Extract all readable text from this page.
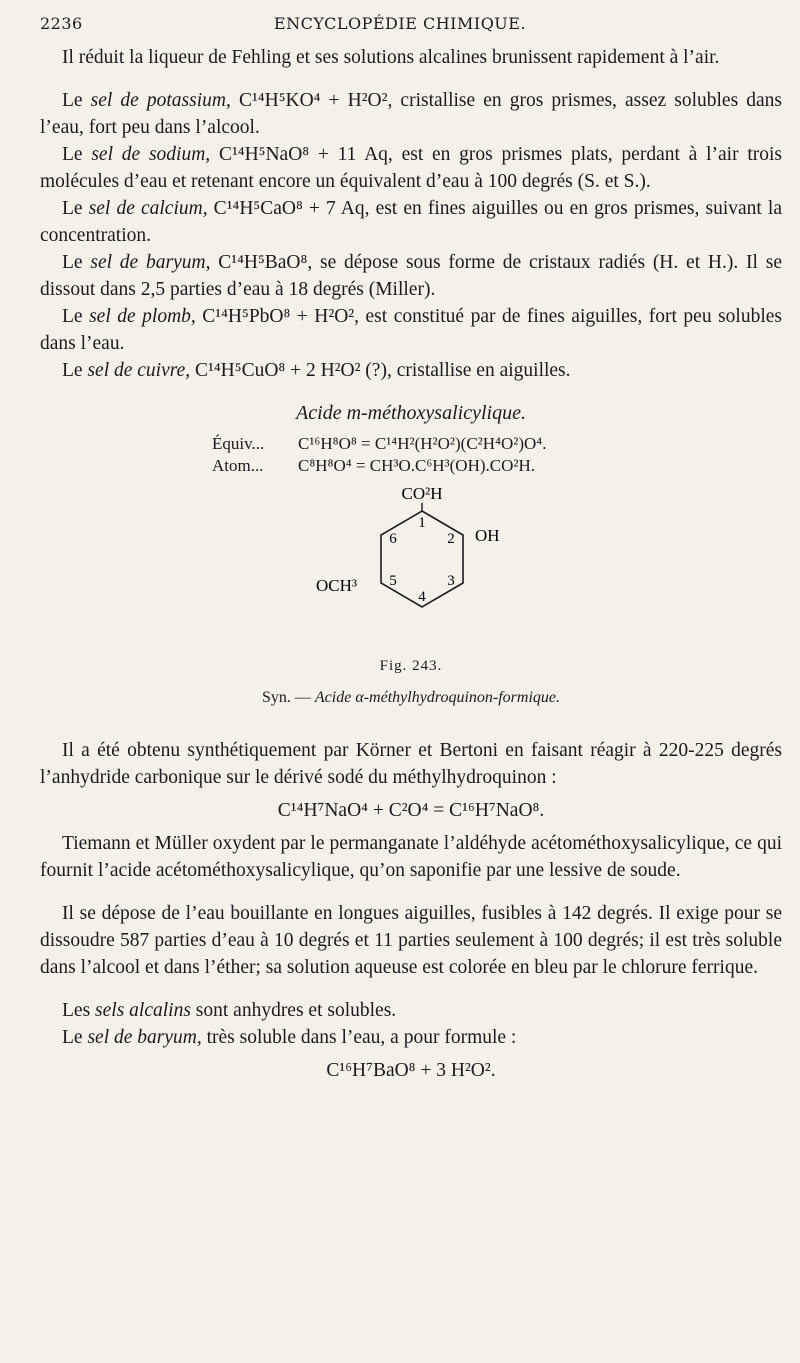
2236	ENCYCLOPÉDIE CHIMIQUE.

Il réduit la liqueur de Fehling et ses solutions alcalines brunissent rapidement à l’air.

Le sel de potassium, C¹⁴H⁵KO⁴ + H²O², cristallise en gros prismes, assez solubles dans l’eau, fort peu dans l’alcool.

Le sel de sodium, C¹⁴H⁵NaO⁸ + 11 Aq, est en gros prismes plats, perdant à l’air trois molécules d’eau et retenant encore un équivalent d’eau à 100 degrés (S. et S.).

Le sel de calcium, C¹⁴H⁵CaO⁸ + 7 Aq, est en fines aiguilles ou en gros prismes, suivant la concentration.

Le sel de baryum, C¹⁴H⁵BaO⁸, se dépose sous forme de cristaux radiés (H. et H.). Il se dissout dans 2,5 parties d’eau à 18 degrés (Miller).

Le sel de plomb, C¹⁴H⁵PbO⁸ + H²O², est constitué par de fines aiguilles, fort peu solubles dans l’eau.

Le sel de cuivre, C¹⁴H⁵CuO⁸ + 2 H²O² (?), cristallise en aiguilles.

Acide m-méthoxysalicylique.

Équiv... C¹⁶H⁸O⁸ = C¹⁴H²(H²O²)(C²H⁴O²)O⁴.
Atom... C⁸H⁸O⁴ = CH³O.C⁶H³(OH).CO²H.
CO²H
OH
OCH³
1
2
3
4
5
6
Fig. 243.
Syn. — Acide α-méthylhydroquinon-formique.

Il a été obtenu synthétiquement par Körner et Bertoni en faisant réagir à 220-225 degrés l’anhydride carbonique sur le dérivé sodé du méthylhydroquinon :

C¹⁴H⁷NaO⁴ + C²O⁴ = C¹⁶H⁷NaO⁸.

Tiemann et Müller oxydent par le permanganate l’aldéhyde acétométhoxysalicylique, ce qui fournit l’acide acétométhoxysalicylique, qu’on saponifie par une lessive de soude.

Il se dépose de l’eau bouillante en longues aiguilles, fusibles à 142 degrés. Il exige pour se dissoudre 587 parties d’eau à 10 degrés et 11 parties seulement à 100 degrés; il est très soluble dans l’alcool et dans l’éther; sa solution aqueuse est colorée en bleu par le chlorure ferrique.

Les sels alcalins sont anhydres et solubles.

Le sel de baryum, très soluble dans l’eau, a pour formule :

C¹⁶H⁷BaO⁸ + 3 H²O².
